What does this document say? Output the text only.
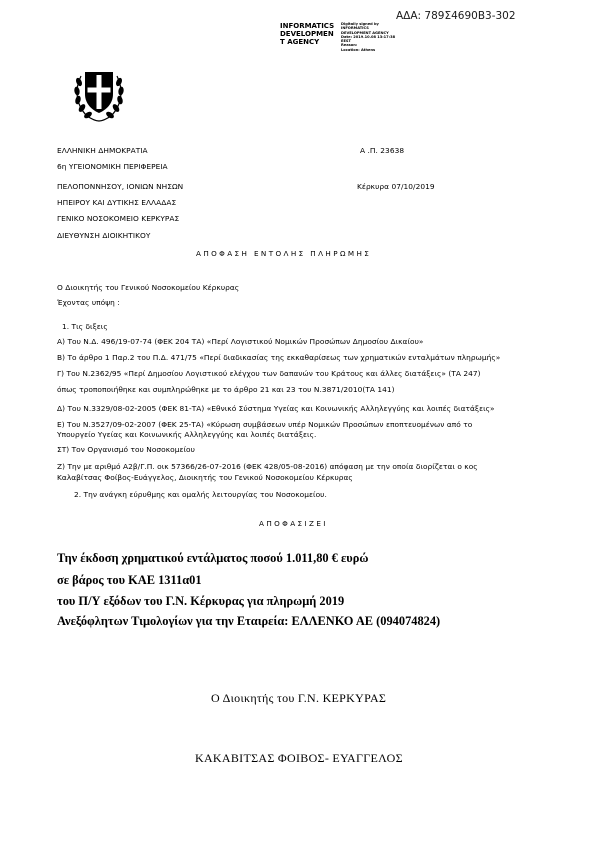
ΑΔΑ: 789Σ4690Β3-302
INFORMATICS
DEVELOPMEN
T AGENCY
Digitally signed by
INFORMATICS
DEVELOPMENT AGENCY
Date: 2019.10.08 13:17:38
EEST
Reason:
Location: Athens
ΕΛΛΗΝΙΚΗ ΔΗΜΟΚΡΑΤΙΑ
6η ΥΓΕΙΟΝΟΜΙΚΗ ΠΕΡΙΦΕΡΕΙΑ
ΠΕΛΟΠΟΝΝΗΣΟΥ, ΙΟΝΙΩΝ ΝΗΣΩΝ
ΗΠΕΙΡΟΥ ΚΑΙ ΔΥΤΙΚΗΣ ΕΛΛΑΔΑΣ
ΓΕΝΙΚΟ ΝΟΣΟΚΟΜΕΙΟ ΚΕΡΚΥΡΑΣ
ΔΙΕΥΘΥΝΣΗ ΔΙΟΙΚΗΤΙΚΟΥ
Α .Π. 23638
Κέρκυρα 07/10/2019
ΑΠΟΦΑΣΗ ΕΝΤΟΛΗΣ ΠΛΗΡΩΜΗΣ
Ο Διοικητής του Γενικού Νοσοκομείου Κέρκυρας
Έχοντας υπόψη :
1. Τις διξεις
Α) Του Ν.Δ. 496/19-07-74 (ΦΕΚ 204 ΤΑ) «Περί Λογιστικού Νομικών Προσώπων Δημοσίου Δικαίου»
Β) Το άρθρο 1 Παρ.2 του Π.Δ. 471/75 «Περί διαδικασίας της εκκαθαρίσεως των χρηματικών ενταλμάτων πληρωμής»
Γ) Του Ν.2362/95 «Περί Δημοσίου Λογιστικού ελέγχου των δαπανών του Κράτους και άλλες διατάξεις» (ΤΑ 247)
όπως τροποποιήθηκε και συμπληρώθηκε με το άρθρο 21 και 23 του Ν.3871/2010(ΤΑ 141)
Δ) Του Ν.3329/08-02-2005 (ΦΕΚ 81-ΤΑ) «Εθνικό Σύστημα Υγείας και Κοινωνικής Αλληλεγγύης και λοιπές διατάξεις»
Ε) Του Ν.3527/09-02-2007 (ΦΕΚ 25-ΤΑ) «Κύρωση συμβάσεων υπέρ Νομικών Προσώπων εποπτευομένων από το
Υπουργείο Υγείας και Κοινωνικής Αλληλεγγύης και λοιπές διατάξεις.
ΣΤ) Τον Οργανισμό του Νοσοκομείου
Ζ) Την με αριθμό Α2β/Γ.Π. οικ 57366/26-07-2016 (ΦΕΚ 428/05-08-2016) απόφαση με την οποία διορίζεται ο κος
Καλαβίτσας Φοίβος-Ευάγγελος, Διοικητής του Γενικού Νοσοκομείου Κέρκυρας
2. Την ανάγκη εύρυθμης και ομαλής λειτουργίας του Νοσοκομείου.
ΑΠΟΦΑΣΙΖΕΙ
Την έκδοση χρηματικού εντάλματος ποσού 1.011,80 € ευρώ
σε βάρος του ΚΑΕ 1311α01
του Π/Υ εξόδων του Γ.Ν. Κέρκυρας για πληρωμή 2019
Ανεξόφλητων Τιμολογίων για την Εταιρεία: ΕΛΛΕΝΚΟ ΑΕ (094074824)
Ο Διοικητής του Γ.Ν. ΚΕΡΚΥΡΑΣ
ΚΑΚΑΒΙΤΣΑΣ ΦΟΙΒΟΣ- ΕΥΑΓΓΕΛΟΣ
